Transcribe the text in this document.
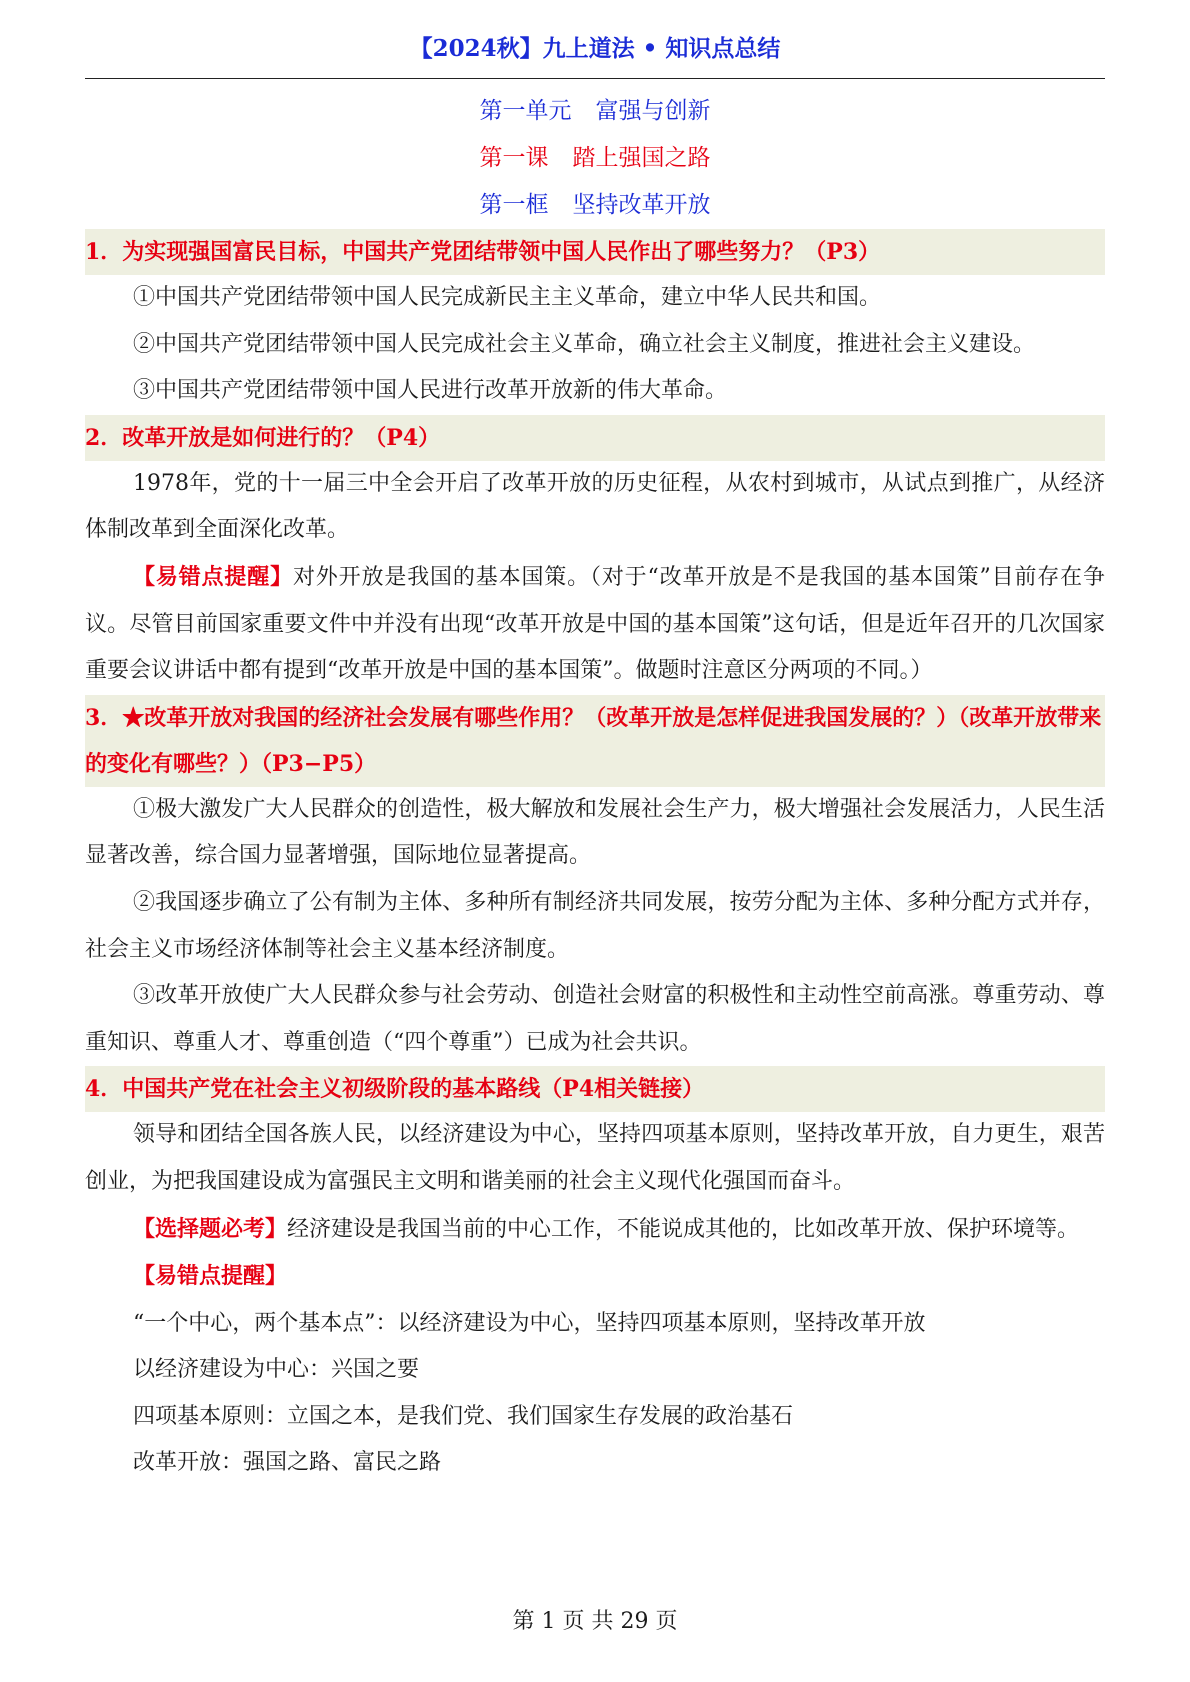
【2024秋】九上道法 • 知识点总结
第一单元 富强与创新
第一课 踏上强国之路
第一框 坚持改革开放
1．为实现强国富民目标，中国共产党团结带领中国人民作出了哪些努力？（P3）

①中国共产党团结带领中国人民完成新民主主义革命，建立中华人民共和国。

②中国共产党团结带领中国人民完成社会主义革命，确立社会主义制度，推进社会主义建设。

③中国共产党团结带领中国人民进行改革开放新的伟大革命。

2．改革开放是如何进行的？（P4）

1978年，党的十一届三中全会开启了改革开放的历史征程，从农村到城市，从试点到推广，从经济体制改革到全面深化改革。

【易错点提醒】对外开放是我国的基本国策。（对于“改革开放是不是我国的基本国策”目前存在争议。尽管目前国家重要文件中并没有出现“改革开放是中国的基本国策”这句话，但是近年召开的几次国家重要会议讲话中都有提到“改革开放是中国的基本国策”。做题时注意区分两项的不同。）

3．★改革开放对我国的经济社会发展有哪些作用？（改革开放是怎样促进我国发展的？）（改革开放带来的变化有哪些？）（P3−P5）

①极大激发广大人民群众的创造性，极大解放和发展社会生产力，极大增强社会发展活力，人民生活显著改善，综合国力显著增强，国际地位显著提高。

②我国逐步确立了公有制为主体、多种所有制经济共同发展，按劳分配为主体、多种分配方式并存，社会主义市场经济体制等社会主义基本经济制度。

③改革开放使广大人民群众参与社会劳动、创造社会财富的积极性和主动性空前高涨。尊重劳动、尊重知识、尊重人才、尊重创造（“四个尊重”）已成为社会共识。

4．中国共产党在社会主义初级阶段的基本路线（P4相关链接）

领导和团结全国各族人民，以经济建设为中心，坚持四项基本原则，坚持改革开放，自力更生，艰苦创业，为把我国建设成为富强民主文明和谐美丽的社会主义现代化强国而奋斗。

【选择题必考】经济建设是我国当前的中心工作，不能说成其他的，比如改革开放、保护环境等。

【易错点提醒】

“一个中心，两个基本点”：以经济建设为中心，坚持四项基本原则，坚持改革开放

以经济建设为中心：兴国之要

四项基本原则：立国之本，是我们党、我们国家生存发展的政治基石

改革开放：强国之路、富民之路

第 1 页 共 29 页
